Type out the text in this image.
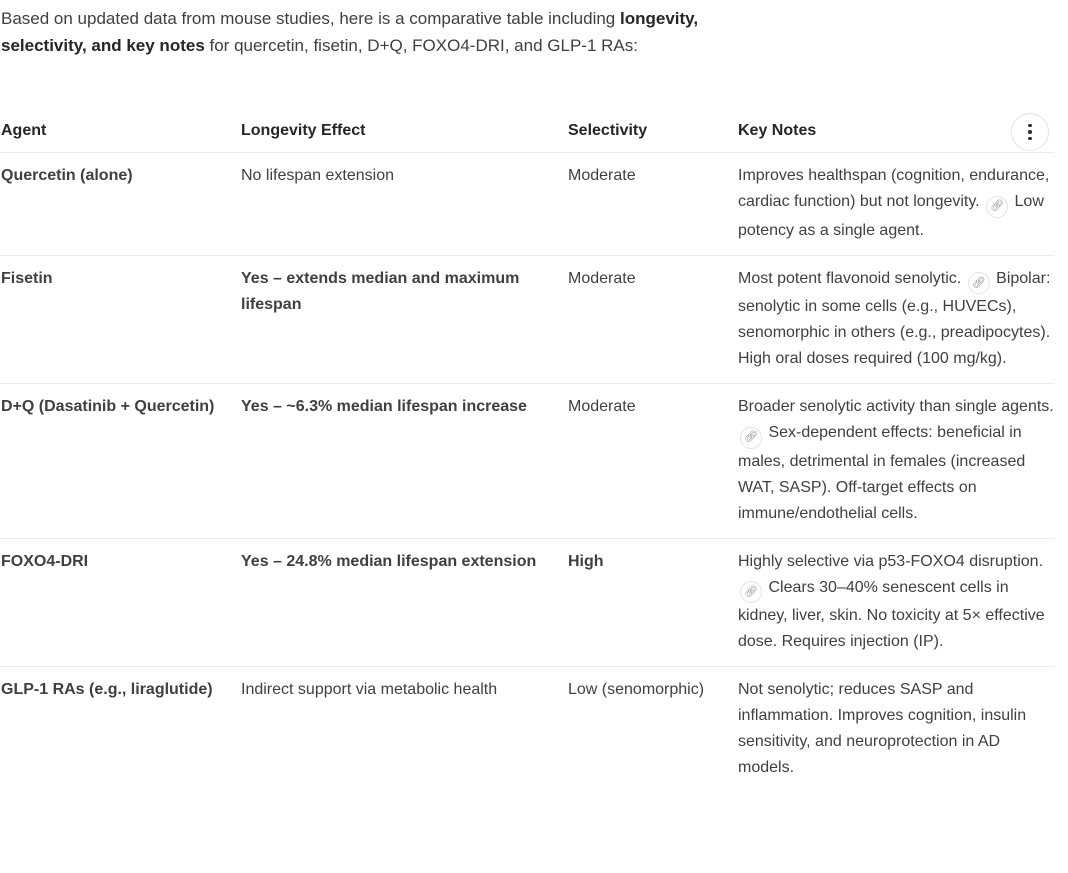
Based on updated data from mouse studies, here is a comparative table including longevity, selectivity, and key notes for quercetin, fisetin, D+Q, FOXO4-DRI, and GLP-1 RAs:
Agent	Longevity Effect	Selectivity	Key Notes
Quercetin (alone)	No lifespan extension	Moderate	Improves healthspan (cognition, endurance, cardiac function) but not longevity. 🔗︎ Low potency as a single agent.
Fisetin	Yes – extends median and maximum lifespan	Moderate	Most potent flavonoid senolytic. 🔗︎ Bipolar: senolytic in some cells (e.g., HUVECs), senomorphic in others (e.g., preadipocytes). High oral doses required (100 mg/kg).
D+Q (Dasatinib + Quercetin)	Yes – ~6.3% median lifespan increase	Moderate	Broader senolytic activity than single agents. 🔗︎ Sex-dependent effects: beneficial in males, detrimental in females (increased WAT, SASP). Off-target effects on immune/endothelial cells.
FOXO4-DRI	Yes – 24.8% median lifespan extension	High	Highly selective via p53-FOXO4 disruption. 🔗︎ Clears 30–40% senescent cells in kidney, liver, skin. No toxicity at 5× effective dose. Requires injection (IP).
GLP-1 RAs (e.g., liraglutide)	Indirect support via metabolic health	Low (senomorphic)	Not senolytic; reduces SASP and inflammation. Improves cognition, insulin sensitivity, and neuroprotection in AD models.
